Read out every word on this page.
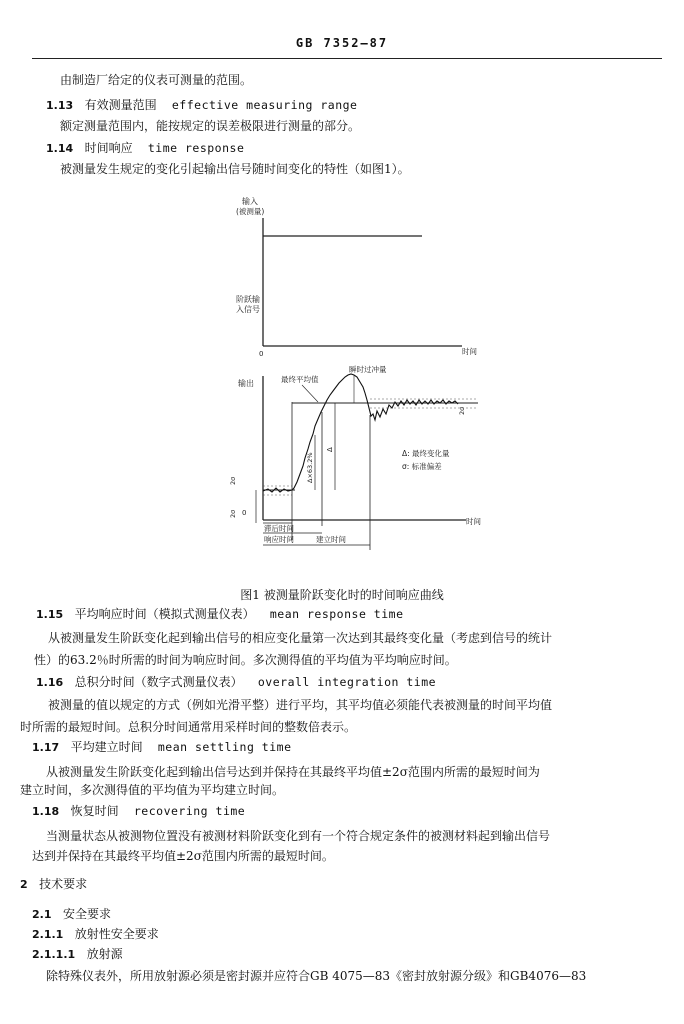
GB 7352—87
由制造厂给定的仪表可测量的范围。
1.13 有效测量范围 effective measuring range
额定测量范围内，能按规定的误差极限进行测量的部分。
1.14 时间响应 time response
被测量发生规定的变化引起输出信号随时间变化的特性（如图1）。
输入
(被测量)
阶跃输
入信号
0	时间
输出
时间
0
Δ
Δ×63.2%
2σ
2σ
2σ
最终平均值
瞬时过冲量
Δ: 最终变化量
σ: 标准偏差
滞后时间
响应时间	建立时间
图1 被测量阶跃变化时的时间响应曲线
1.15 平均响应时间（模拟式测量仪表） mean response time
从被测量发生阶跃变化起到输出信号的相应变化量第一次达到其最终变化量（考虑到信号的统计
性）的63.2％时所需的时间为响应时间。多次测得值的平均值为平均响应时间。
1.16 总积分时间（数字式测量仪表） overall integration time
被测量的值以规定的方式（例如光滑平整）进行平均，其平均值必须能代表被测量的时间平均值
时所需的最短时间。总积分时间通常用采样时间的整数倍表示。
1.17 平均建立时间 mean settling time
从被测量发生阶跃变化起到输出信号达到并保持在其最终平均值±2σ范围内所需的最短时间为
建立时间，多次测得值的平均值为平均建立时间。
1.18 恢复时间 recovering time
当测量状态从被测物位置没有被测材料阶跃变化到有一个符合规定条件的被测材料起到输出信号
达到并保持在其最终平均值±2σ范围内所需的最短时间。
2 技术要求
2.1 安全要求
2.1.1 放射性安全要求
2.1.1.1 放射源
除特殊仪表外，所用放射源必须是密封源并应符合GB 4075—83《密封放射源分级》和GB4076—83
